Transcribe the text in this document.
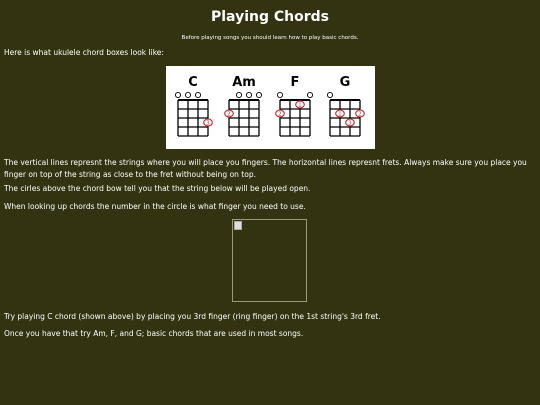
Playing Chords
Before playing songs you should learn how to play basic chords.
Here is what ukulele chord boxes look like:
C
3
Am
2
F
2
1
G
1
3
2
The vertical lines represnt the strings where you will place you fingers. The horizontal lines represnt frets. Always make sure you place you finger on top of the string as close to the fret without being on top.
The cirles above the chord bow tell you that the string below will be played open.
When looking up chords the number in the circle is what finger you need to use.
Try playing C chord (shown above) by placing you 3rd finger (ring finger) on the 1st string's 3rd fret.
Once you have that try Am, F, and G; basic chords that are used in most songs.
